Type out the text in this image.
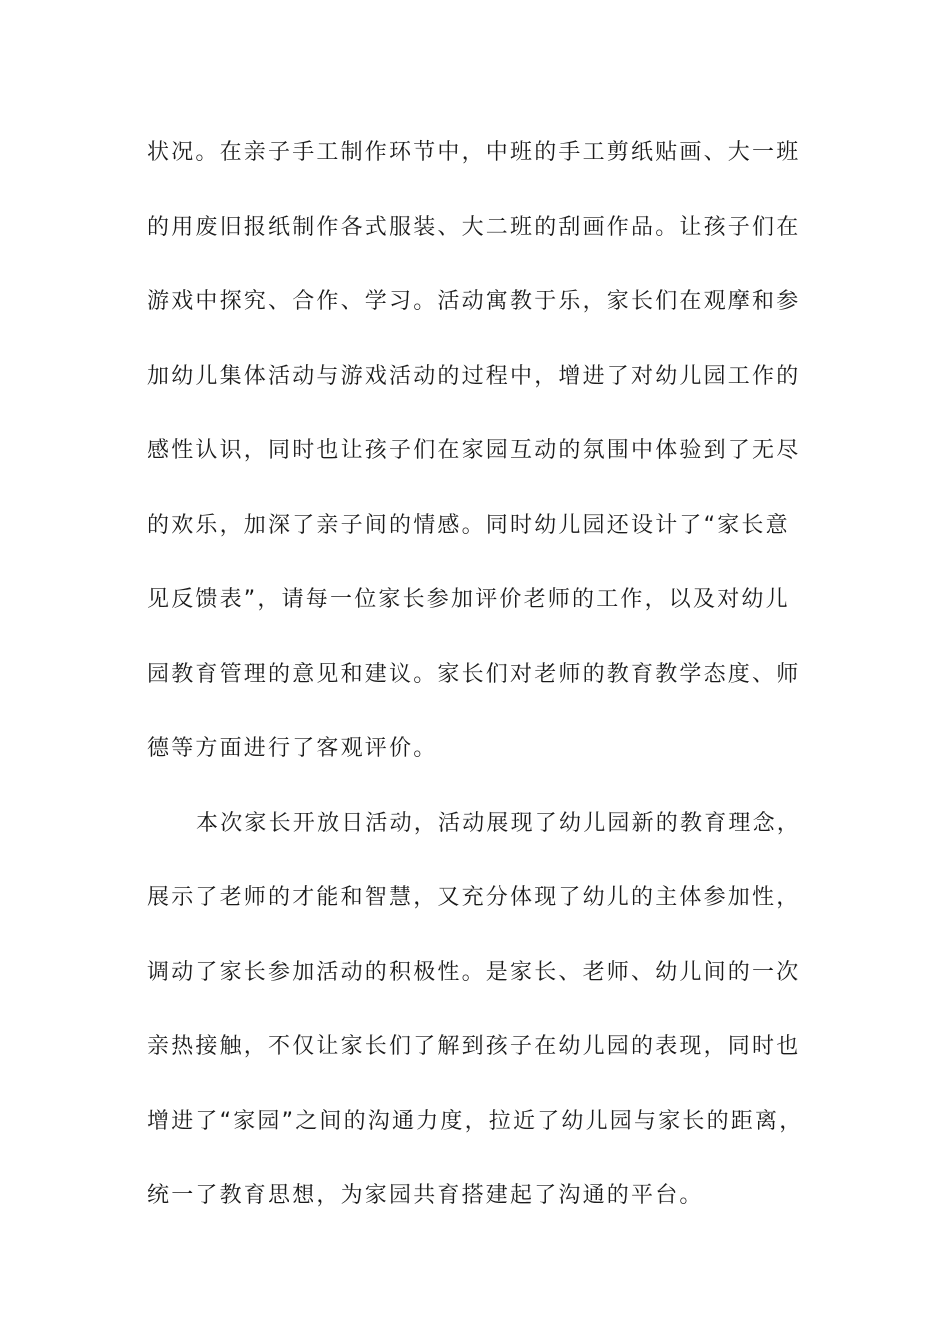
状况。在亲子手工制作环节中，中班的手工剪纸贴画、大一班
的用废旧报纸制作各式服装、大二班的刮画作品。让孩子们在
游戏中探究、合作、学习。活动寓教于乐，家长们在观摩和参
加幼儿集体活动与游戏活动的过程中，增进了对幼儿园工作的
感性认识，同时也让孩子们在家园互动的氛围中体验到了无尽
的欢乐，加深了亲子间的情感。同时幼儿园还设计了“家长意
见反馈表”，请每一位家长参加评价老师的工作，以及对幼儿
园教育管理的意见和建议。家长们对老师的教育教学态度、师
德等方面进行了客观评价。
本次家长开放日活动，活动展现了幼儿园新的教育理念，
展示了老师的才能和智慧，又充分体现了幼儿的主体参加性，
调动了家长参加活动的积极性。是家长、老师、幼儿间的一次
亲热接触，不仅让家长们了解到孩子在幼儿园的表现，同时也
增进了“家园”之间的沟通力度，拉近了幼儿园与家长的距离，
统一了教育思想，为家园共育搭建起了沟通的平台。
